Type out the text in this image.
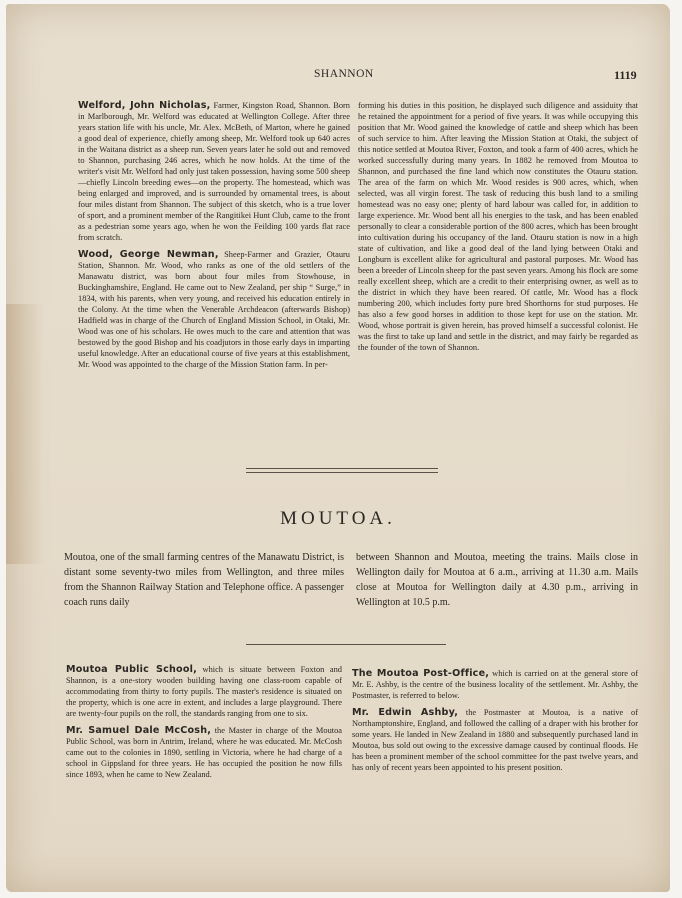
SHANNON	1119

Welford, John Nicholas, Farmer, Kingston Road, Shannon. Born in Marlborough, Mr. Welford was educated at Wellington College. After three years station life with his uncle, Mr. Alex. McBeth, of Marton, where he gained a good deal of experience, chiefly among sheep, Mr. Welford took up 640 acres in the Waitana district as a sheep run. Seven years later he sold out and removed to Shannon, purchasing 246 acres, which he now holds. At the time of the writer's visit Mr. Welford had only just taken possession, having some 500 sheep—chiefly Lincoln breeding ewes—on the property. The homestead, which was being enlarged and improved, and is surrounded by ornamental trees, is about four miles distant from Shannon. The subject of this sketch, who is a true lover of sport, and a prominent member of the Rangitikei Hunt Club, came to the front as a pedestrian some years ago, when he won the Feilding 100 yards flat race from scratch.

Wood, George Newman, Sheep-Farmer and Grazier, Otauru Station, Shannon. Mr. Wood, who ranks as one of the old settlers of the Manawatu district, was born about four miles from Stowhouse, in Buckinghamshire, England. He came out to New Zealand, per ship “ Surge,” in 1834, with his parents, when very young, and received his education entirely in the Colony. At the time when the Venerable Archdeacon (afterwards Bishop) Hadfield was in charge of the Church of England Mission School, in Otaki, Mr. Wood was one of his scholars. He owes much to the care and attention that was bestowed by the good Bishop and his coadjutors in those early days in imparting useful knowledge. After an educational course of five years at this establishment, Mr. Wood was appointed to the charge of the Mission Station farm. In per-

forming his duties in this position, he displayed such diligence and assiduity that he retained the appointment for a period of five years. It was while occupying this position that Mr. Wood gained the knowledge of cattle and sheep which has been of such service to him. After leaving the Mission Station at Otaki, the subject of this notice settled at Moutoa River, Foxton, and took a farm of 400 acres, which he worked successfully during many years. In 1882 he removed from Moutoa to Shannon, and purchased the fine land which now constitutes the Otauru station. The area of the farm on which Mr. Wood resides is 900 acres, which, when selected, was all virgin forest. The task of reducing this bush land to a smiling homestead was no easy one; plenty of hard labour was called for, in addition to large experience. Mr. Wood bent all his energies to the task, and has been enabled personally to clear a considerable portion of the 800 acres, which has been brought into cultivation during his occupancy of the land. Otauru station is now in a high state of cultivation, and like a good deal of the land lying between Otaki and Longburn is excellent alike for agricultural and pastoral purposes. Mr. Wood has been a breeder of Lincoln sheep for the past seven years. Among his flock are some really excellent sheep, which are a credit to their enterprising owner, as well as to the district in which they have been reared. Of cattle, Mr. Wood has a flock numbering 200, which includes forty pure bred Shorthorns for stud purposes. He has also a few good horses in addition to those kept for use on the station. Mr. Wood, whose portrait is given herein, has proved himself a successful colonist. He was the first to take up land and settle in the district, and may fairly be regarded as the founder of the town of Shannon.

MOUTOA.
Moutoa, one of the small farming centres of the Manawatu District, is distant some seventy-two miles from Wellington, and three miles from the Shannon Railway Station and Telephone office. A passenger coach runs daily
between Shannon and Moutoa, meeting the trains. Mails close in Wellington daily for Moutoa at 6 a.m., arriving at 11.30 a.m. Mails close at Moutoa for Wellington daily at 4.30 p.m., arriving in Wellington at 10.5 p.m.

Moutoa Public School, which is situate between Foxton and Shannon, is a one-story wooden building having one class-room capable of accommodating from thirty to forty pupils. The master's residence is situated on the property, which is one acre in extent, and includes a large playground. There are twenty-four pupils on the roll, the standards ranging from one to six.

Mr. Samuel Dale McCosh, the Master in charge of the Moutoa Public School, was born in Antrim, Ireland, where he was educated. Mr. McCosh came out to the colonies in 1890, settling in Victoria, where he had charge of a school in Gippsland for three years. He has occupied the position he now fills since 1893, when he came to New Zealand.

The Moutoa Post-Office, which is carried on at the general store of Mr. E. Ashby, is the centre of the business locality of the settlement. Mr. Ashby, the Postmaster, is referred to below.

Mr. Edwin Ashby, the Postmaster at Moutoa, is a native of Northamptonshire, England, and followed the calling of a draper with his brother for some years. He landed in New Zealand in 1880 and subsequently purchased land in Moutoa, bus sold out owing to the excessive damage caused by continual floods. He has been a prominent member of the school committee for the past twelve years, and has only of recent years been appointed to his present position.
